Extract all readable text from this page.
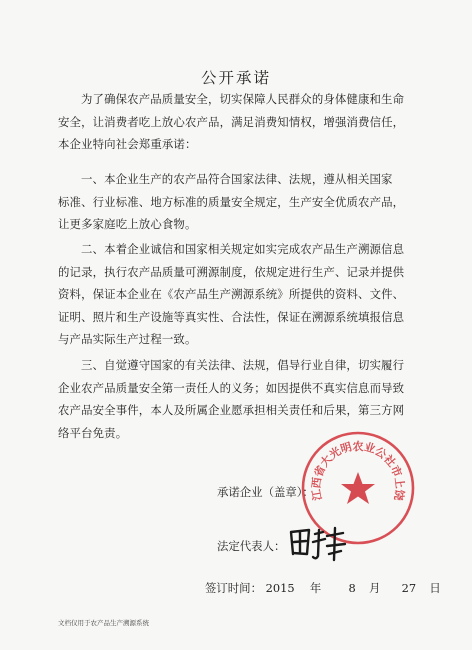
公开承诺
为了确保农产品质量安全，切实保障人民群众的身体健康和生命
安全，让消费者吃上放心农产品，满足消费知情权，增强消费信任，
本企业特向社会郑重承诺：
一、本企业生产的农产品符合国家法律、法规，遵从相关国家
标准、行业标准、地方标准的质量安全规定，生产安全优质农产品，
让更多家庭吃上放心食物。
二、本着企业诚信和国家相关规定如实完成农产品生产溯源信息
的记录，执行农产品质量可溯源制度，依规定进行生产、记录并提供
资料，保证本企业在《农产品生产溯源系统》所提供的资料、文件、
证明、照片和生产设施等真实性、合法性，保证在溯源系统填报信息
与产品实际生产过程一致。
三、自觉遵守国家的有关法律、法规，倡导行业自律，切实履行
企业农产品质量安全第一责任人的义务；如因提供不真实信息而导致
农产品安全事件，本人及所属企业愿承担相关责任和后果，第三方网
络平台免责。
承诺企业（盖章）：
江西省大光明农业公社市上饶
法定代表人：
签订时间： 2015 年 8 月 27 日
文档仅用于农产品生产溯源系统
